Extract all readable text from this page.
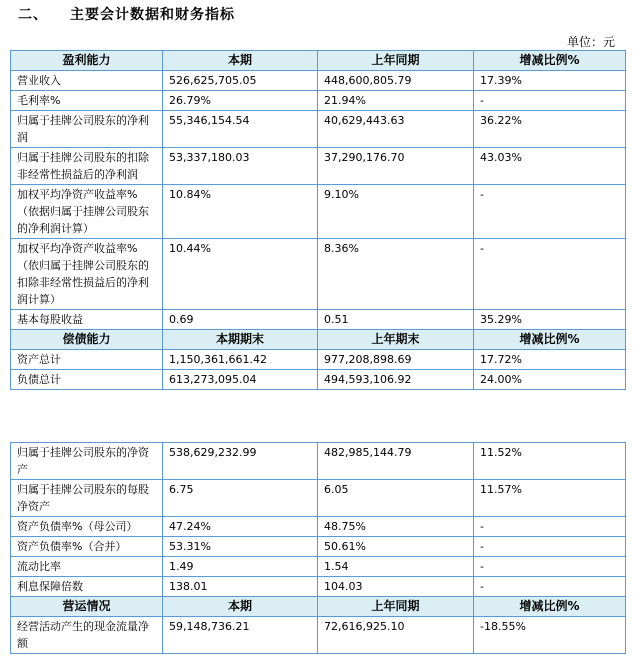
二、 主要会计数据和财务指标
单位：元
盈利能力	本期	上年同期	增减比例%
营业收入	526,625,705.05	448,600,805.79	17.39%
毛利率%	26.79%	21.94%	-
归属于挂牌公司股东的净利润	55,346,154.54	40,629,443.63	36.22%
归属于挂牌公司股东的扣除非经常性损益后的净利润	53,337,180.03	37,290,176.70	43.03%
加权平均净资产收益率%（依据归属于挂牌公司股东的净利润计算）	10.84%	9.10%	-
加权平均净资产收益率%（依归属于挂牌公司股东的扣除非经常性损益后的净利润计算）	10.44%	8.36%	-
基本每股收益	0.69	0.51	35.29%
偿债能力	本期期末	上年期末	增减比例%
资产总计	1,150,361,661.42	977,208,898.69	17.72%
负债总计	613,273,095.04	494,593,106.92	24.00%
归属于挂牌公司股东的净资产	538,629,232.99	482,985,144.79	11.52%
归属于挂牌公司股东的每股净资产	6.75	6.05	11.57%
资产负债率%（母公司）	47.24%	48.75%	-
资产负债率%（合并）	53.31%	50.61%	-
流动比率	1.49	1.54	-
利息保障倍数	138.01	104.03	-
营运情况	本期	上年同期	增减比例%
经营活动产生的现金流量净额	59,148,736.21	72,616,925.10	-18.55%
